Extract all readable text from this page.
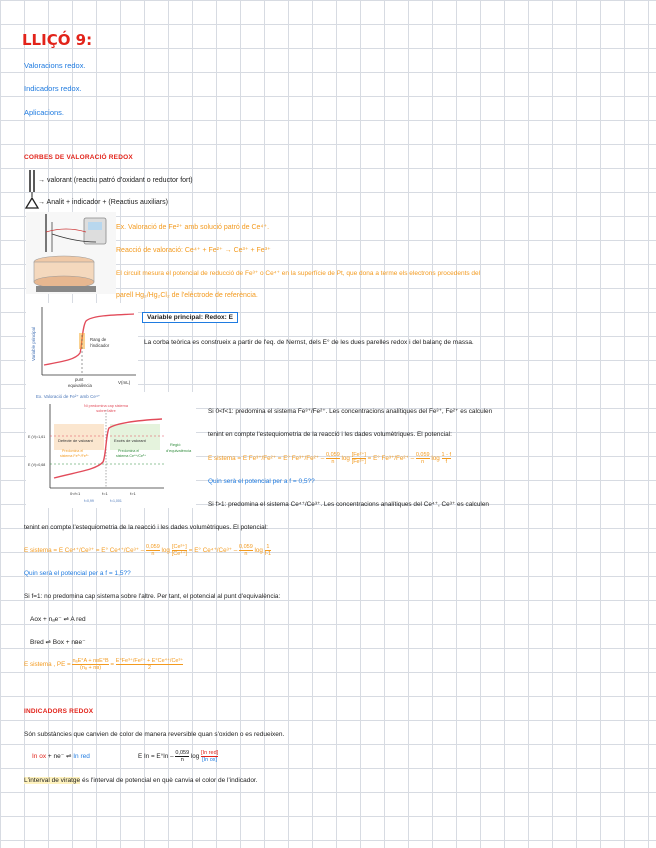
LLIÇÓ 9:
Valoracions redox.
Indicadors redox.
Aplicacions.
CORBES DE VALORACIÓ REDOX
→ valorant (reactiu patró d'oxidant o reductor fort)
→ Analit + indicador + (Reactius auxiliars)
Ex. Valoració de Fe²⁺ amb solució patró de Ce⁴⁺.
Reacció de valoració: Ce⁴⁺ + Fe²⁺ → Ce³⁺ + Fe³⁺
El circuit mesura el potencial de reducció de Fe³⁺ o Ce⁴⁺ en la superfície de Pt, que dona a terme els electrons procedents del
parell Hg₂/Hg₂Cl₂ de l'elèctrode de referència.
Variable principal
V(mL)
punt
equivalència
Rang de
l'indicador
Variable principal: Redox: E
La corba teòrica es construeix a partir de l'eq. de Nernst, dels E° de les dues parelles redox i del balanç de massa.
Ex. Valoració de Fe²⁺ amb Ce⁴⁺
Ni predomina cap sistema
sobre l'altre
Defecte de valorant	Excés de valorant
Predomina el
sistema Fe³⁺/Fe²⁺
Predomina el
sistema Ce⁴⁺/Ce³⁺
Regió
d'equivalència
E (V)=1,61
E (V)=0,68
0<f<1	f=1	f>1
f=0,99	f=1,001
Si 0<f<1: predomina el sistema Fe³⁺/Fe²⁺. Les concentracions analítiques del Fe³⁺, Fe²⁺ es calculen
tenint en compte l'estequiometria de la reacció i les dades volumètriques. El potencial:
E sistema = E Fe³⁺/Fe²⁺ = E° $Fe^{3+}/Fe^{2+} - \frac{0,059}{n}$ $\log \frac{\text{[Fe²⁺]}}{\text{[Fe³⁺]}} = E^\circ$ $Fe^{3+}/Fe^{2+} - \frac{0,059}{n}$ $\log \frac{1 - f}{f}$
Quin serà el potencial per a f = 0,5??
Si f>1: predomina el sistema Ce⁴⁺/Ce³⁺. Les concentracions analítiques del Ce⁴⁺, Ce³⁺ es calculen
tenint en compte l'estequiometria de la reacció i les dades volumètriques. El potencial:
E sistema = E Ce⁴⁺/Ce³⁺ = E° $Ce^{4+}/Ce^{3+} - \frac{0,059}{n}$ $\log \frac{\text{[Ce³⁺]}}{\text{[Ce⁴⁺]}} = E^\circ$ $Ce^{4+}/Ce^{3+} - \frac{0,059}{n}$ $\log \frac{1}{f-1}$
Quin serà el potencial per a f = 1,5??
Si f=1: no predomina cap sistema sobre l'altre. Per tant, el potencial al punt d'equivalència:
Aox + nₐe⁻ ⇌ A red
Bred ⇌ Box + nʙe⁻
E sistema , PE = $\frac{\text{nₐE°A + nʙE°B}}{\text{(nₐ + nʙ)}} = \frac{\text{E°Fe³⁺/Fe²⁺ + E°Ce⁴⁺/Ce³⁺}}{2}$
INDICADORS REDOX
Són substàncies que canvien de color de manera reversible quan s'oxiden o es redueixen.
In ox + ne⁻ ⇌ In red	E $In = E^\circ In - \frac{0,059}{n}$ $\log \frac{\text{[In red]}}{\text{[In ox]}}$
L'interval de viratge és l'interval de potencial en què canvia el color de l'indicador.
